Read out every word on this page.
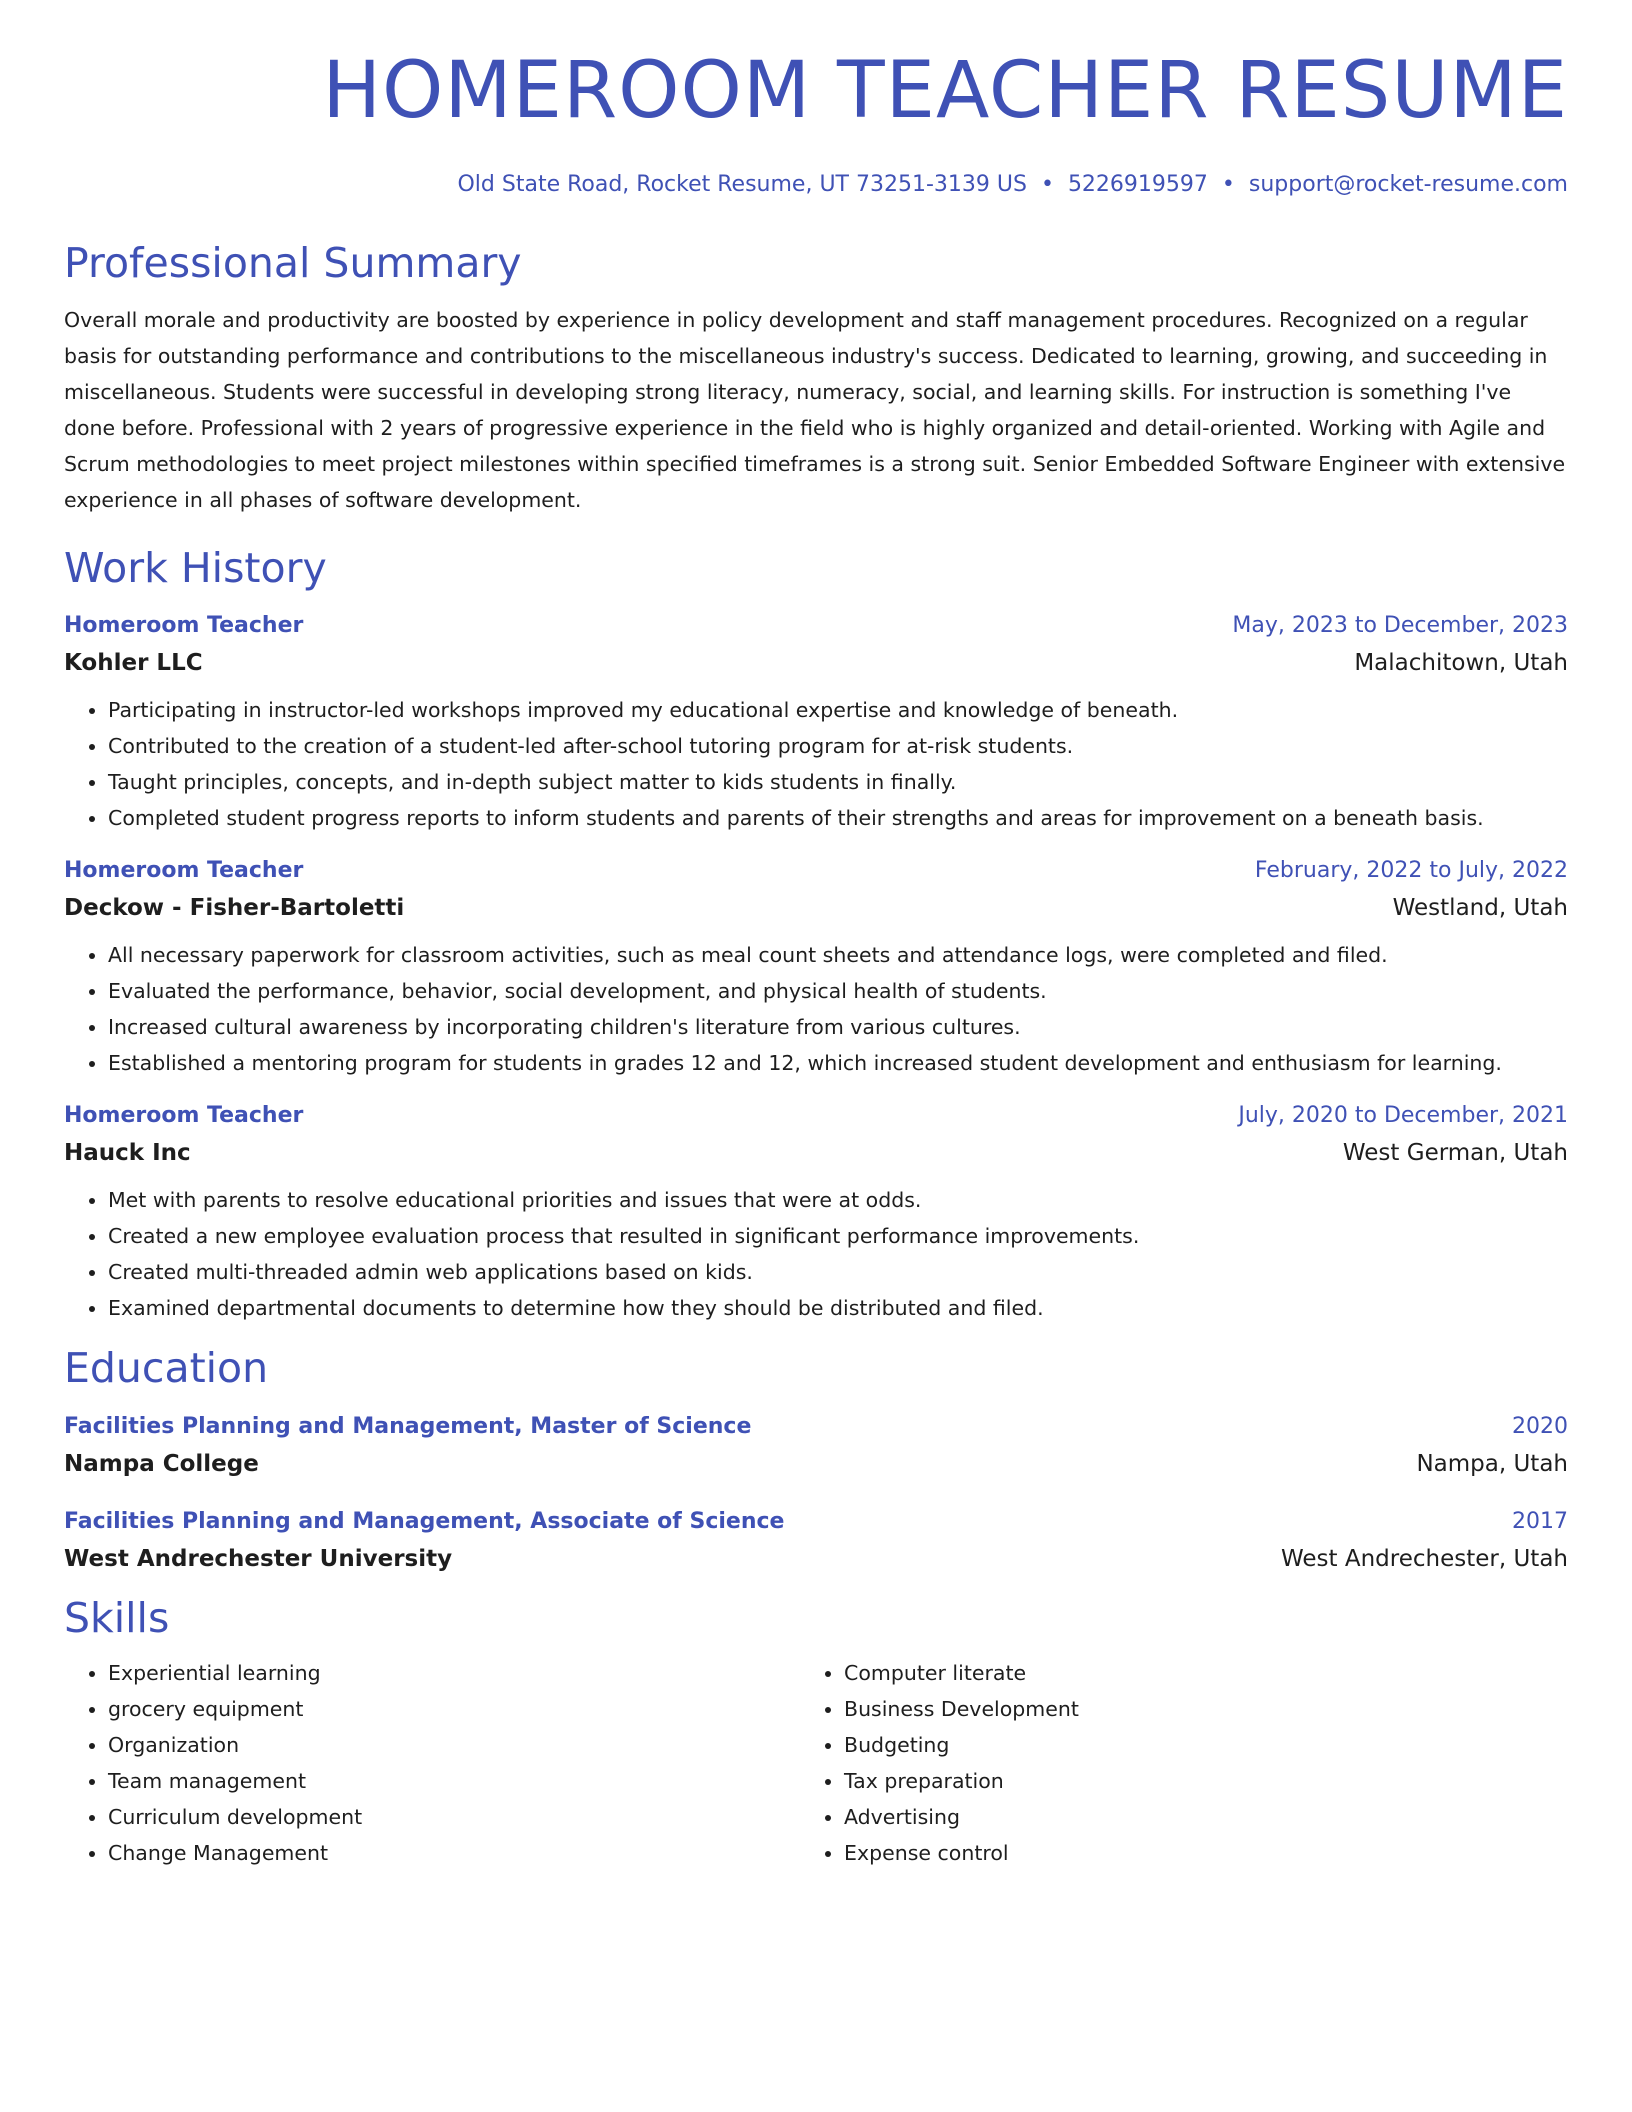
HOMEROOM TEACHER RESUME
Old State Road, Rocket Resume, UT 73251-3139 US • 5226919597 • support@rocket-resume.com
Professional Summary
Overall morale and productivity are boosted by experience in policy development and staff management procedures. Recognized on a regular basis for outstanding performance and contributions to the miscellaneous industry's success. Dedicated to learning, growing, and succeeding in miscellaneous. Students were successful in developing strong literacy, numeracy, social, and learning skills. For instruction is something I've done before. Professional with 2 years of progressive experience in the field who is highly organized and detail-oriented. Working with Agile and Scrum methodologies to meet project milestones within specified timeframes is a strong suit. Senior Embedded Software Engineer with extensive experience in all phases of software development.
Work History
Homeroom Teacher	May, 2023 to December, 2023
Kohler LLC	Malachitown, Utah
• Participating in instructor-led workshops improved my educational expertise and knowledge of beneath.
• Contributed to the creation of a student-led after-school tutoring program for at-risk students.
• Taught principles, concepts, and in-depth subject matter to kids students in finally.
• Completed student progress reports to inform students and parents of their strengths and areas for improvement on a beneath basis.
Homeroom Teacher	February, 2022 to July, 2022
Deckow - Fisher-Bartoletti	Westland, Utah
• All necessary paperwork for classroom activities, such as meal count sheets and attendance logs, were completed and filed.
• Evaluated the performance, behavior, social development, and physical health of students.
• Increased cultural awareness by incorporating children's literature from various cultures.
• Established a mentoring program for students in grades 12 and 12, which increased student development and enthusiasm for learning.
Homeroom Teacher	July, 2020 to December, 2021
Hauck Inc	West German, Utah
• Met with parents to resolve educational priorities and issues that were at odds.
• Created a new employee evaluation process that resulted in significant performance improvements.
• Created multi-threaded admin web applications based on kids.
• Examined departmental documents to determine how they should be distributed and filed.
Education
Facilities Planning and Management, Master of Science	2020
Nampa College	Nampa, Utah
Facilities Planning and Management, Associate of Science	2017
West Andrechester University	West Andrechester, Utah
Skills
• Experiential learning
• grocery equipment
• Organization
• Team management
• Curriculum development
• Change Management
• Computer literate
• Business Development
• Budgeting
• Tax preparation
• Advertising
• Expense control
